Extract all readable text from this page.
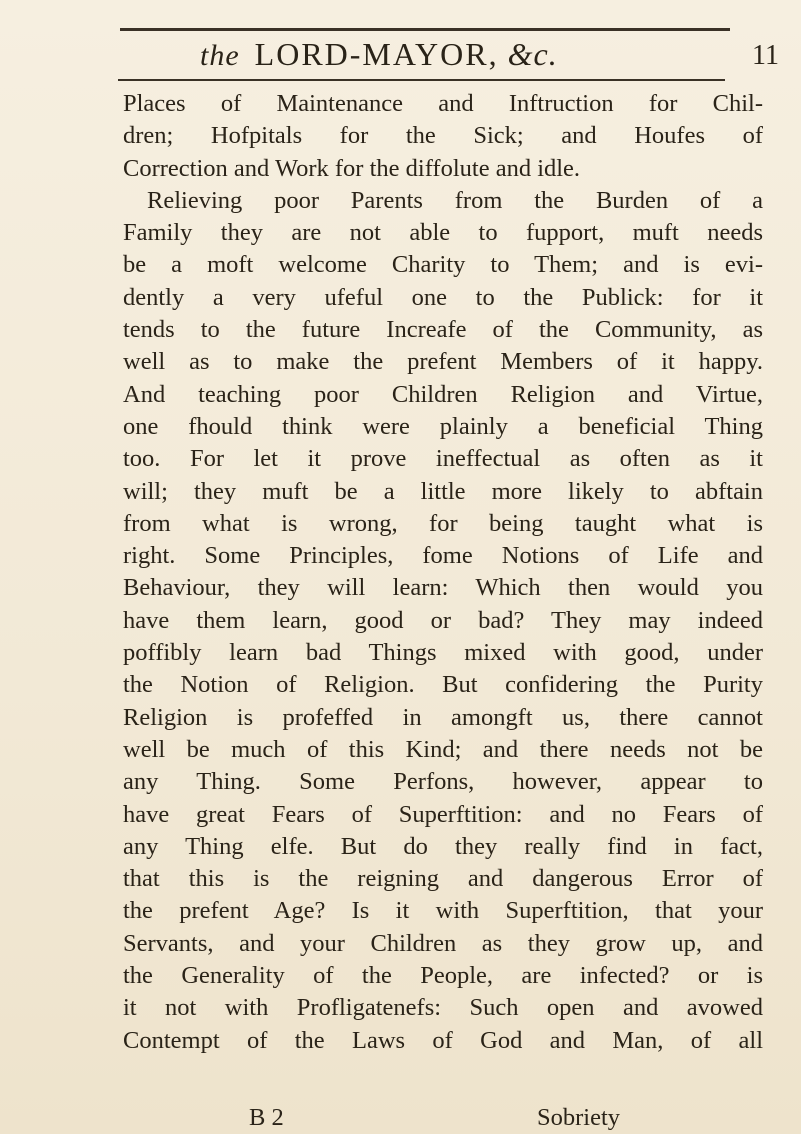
the LORD-MAYOR, &c.	11
Places of Maintenance and Inftruction for Chil-
dren; Hofpitals for the Sick; and Houfes of
Correction and Work for the diffolute and idle.
Relieving poor Parents from the Burden of a
Family they are not able to fupport, muft needs
be a moft welcome Charity to Them; and is evi-
dently a very ufeful one to the Publick: for it
tends to the future Increafe of the Community, as
well as to make the prefent Members of it happy.
And teaching poor Children Religion and Virtue,
one fhould think were plainly a beneficial Thing
too. For let it prove ineffectual as often as it
will; they muft be a little more likely to abftain
from what is wrong, for being taught what is
right. Some Principles, fome Notions of Life and
Behaviour, they will learn: Which then would you
have them learn, good or bad? They may indeed
poffibly learn bad Things mixed with good, under
the Notion of Religion. But confidering the Purity
Religion is profeffed in amongft us, there cannot
well be much of this Kind; and there needs not be
any Thing. Some Perfons, however, appear to
have great Fears of Superftition: and no Fears of
any Thing elfe. But do they really find in fact,
that this is the reigning and dangerous Error of
the prefent Age? Is it with Superftition, that your
Servants, and your Children as they grow up, and
the Generality of the People, are infected? or is
it not with Profligatenefs: Such open and avowed
Contempt of the Laws of God and Man, of all
B 2	Sobriety
